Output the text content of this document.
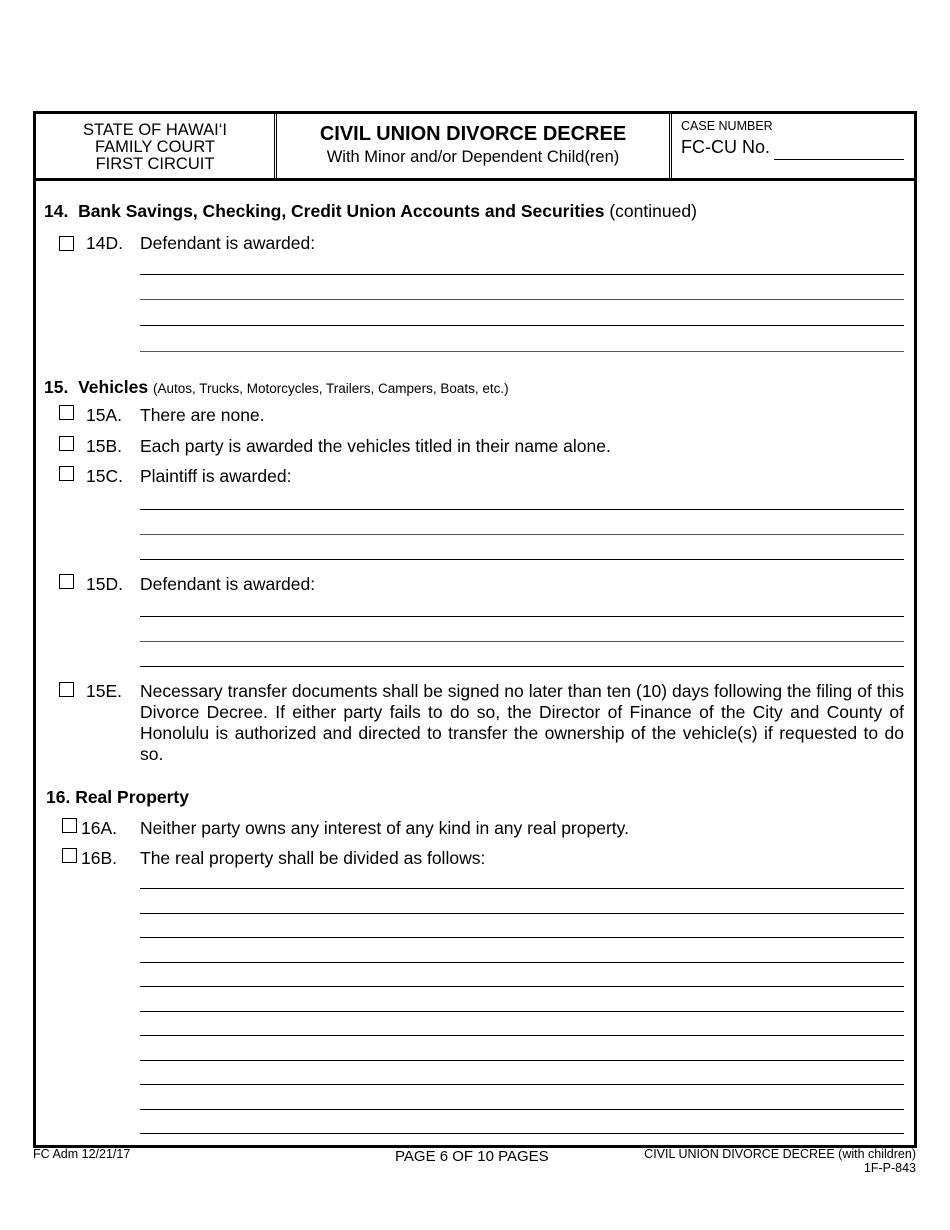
STATE OF HAWAI‘I
FAMILY COURT
FIRST CIRCUIT
CIVIL UNION DIVORCE DECREE
With Minor and/or Dependent Child(ren)
CASE NUMBER
FC-CU No.
14. Bank Savings, Checking, Credit Union Accounts and Securities (continued)
14D. Defendant is awarded:
15. Vehicles (Autos, Trucks, Motorcycles, Trailers, Campers, Boats, etc.)
15A. There are none.
15B. Each party is awarded the vehicles titled in their name alone.
15C. Plaintiff is awarded:
15D. Defendant is awarded:
15E. Necessary transfer documents shall be signed no later than ten (10) days following the filing of this Divorce Decree. If either party fails to do so, the Director of Finance of the City and County of Honolulu is authorized and directed to transfer the ownership of the vehicle(s) if requested to do so.
16. Real Property
16A. Neither party owns any interest of any kind in any real property.
16B. The real property shall be divided as follows:
FC Adm 12/21/17	PAGE 6 OF 10 PAGES	CIVIL UNION DIVORCE DECREE (with children)
1F-P-843
